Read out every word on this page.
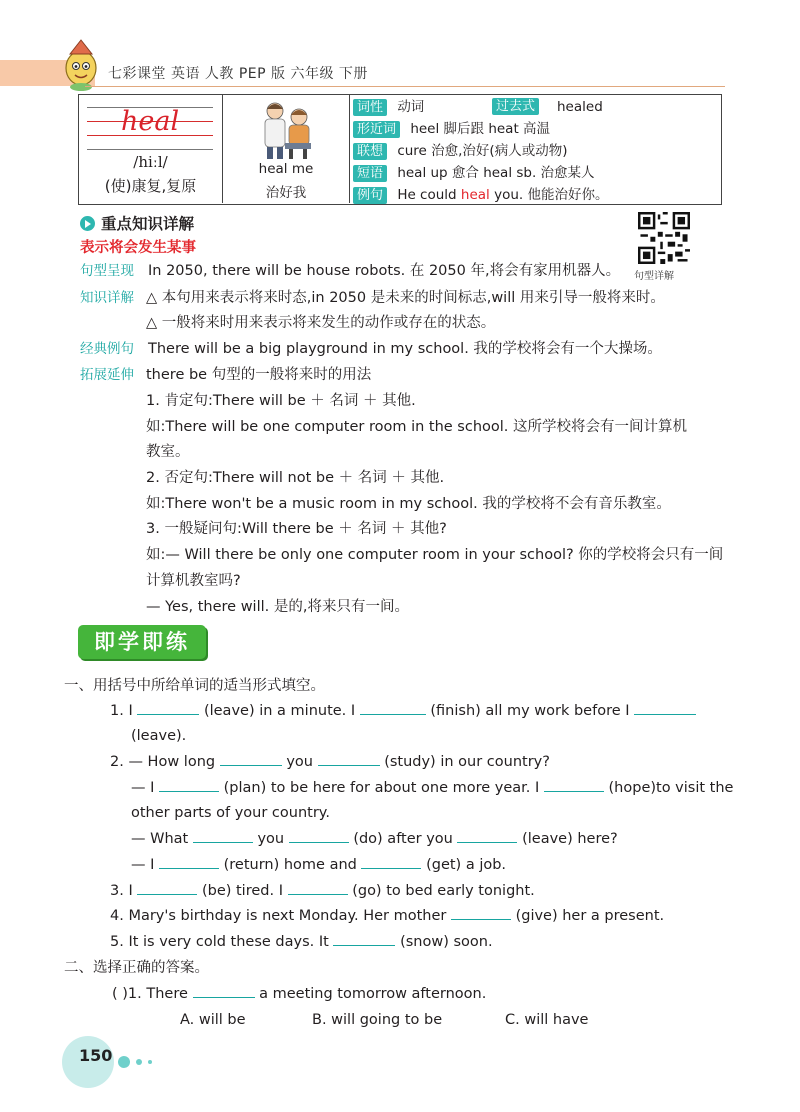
七彩课堂 英语 人教 PEP 版 六年级 下册
heal
/hiːl/
(使)康复,复原
heal me
治好我
词性 动词	过去式 healed
形近词 heel 脚后跟 heat 高温
联想 cure 治愈,治好(病人或动物)
短语 heal up 愈合 heal sb. 治愈某人
例句 He could heal you. 他能治好你。
重点知识详解
表示将会发生某事
句型详解
句型呈现 In 2050, there will be house robots. 在 2050 年,将会有家用机器人。
知识详解 △ 本句用来表示将来时态,in 2050 是未来的时间标志,will 用来引导一般将来时。
△ 一般将来时用来表示将来发生的动作或存在的状态。
经典例句 There will be a big playground in my school. 我的学校将会有一个大操场。
拓展延伸 there be 句型的一般将来时的用法
1. 肯定句:There will be ＋ 名词 ＋ 其他.
如:There will be one computer room in the school. 这所学校将会有一间计算机
教室。
2. 否定句:There will not be ＋ 名词 ＋ 其他.
如:There won't be a music room in my school. 我的学校将不会有音乐教室。
3. 一般疑问句:Will there be ＋ 名词 ＋ 其他?
如:— Will there be only one computer room in your school? 你的学校将会只有一间
计算机教室吗?
— Yes, there will. 是的,将来只有一间。
即学即练
一、用括号中所给单词的适当形式填空。
1. I	(leave) in a minute. I	(finish) all my work before I
(leave).
2. — How long	you	(study) in our country?
— I	(plan) to be here for about one more year. I	(hope)to visit the
other parts of your country.
— What	you	(do) after you	(leave) here?
— I	(return) home and	(get) a job.
3. I	(be) tired. I	(go) to bed early tonight.
4. Mary's birthday is next Monday. Her mother	(give) her a present.
5. It is very cold these days. It	(snow) soon.
二、选择正确的答案。
( )1. There	a meeting tomorrow afternoon.
A. will be	B. will going to be	C. will have
150
